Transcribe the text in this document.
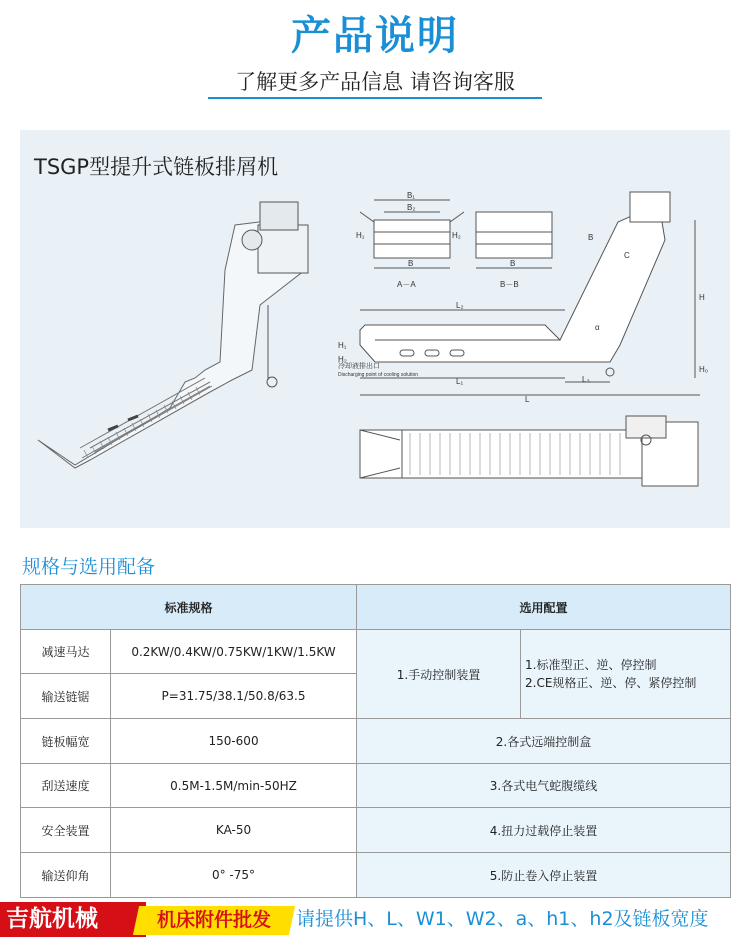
产品说明
了解更多产品信息 请咨询客服
TSGP型提升式链板排屑机
B₁
B₂
B	B
H₁	H₂
A－A	B－B
L₂
L₁	L₃
L
H
H₀
α
H₁
H₂
冷却液排出口
Discharging point of cooling solution
B
C
规格与选用配备
标准规格		选用配置	
减速马达	0.2KW/0.4KW/0.75KW/1KW/1.5KW	1.手动控制装置	1.标准型正、逆、停控制
2.CE规格正、逆、停、紧停控制

输送链锯	P=31.75/38.1/50.8/63.5		
链板幅宽	150-600	2.各式远端控制盒	
刮送速度	0.5M-1.5M/min-50HZ	3.各式电气蛇腹缆线	
安全装置	KA-50	4.扭力过载停止装置	
输送仰角	0° -75°	5.防止卷入停止装置	
吉航机械	机床附件批发	请提供H、L、W1、W2、a、h1、h2及链板宽度
